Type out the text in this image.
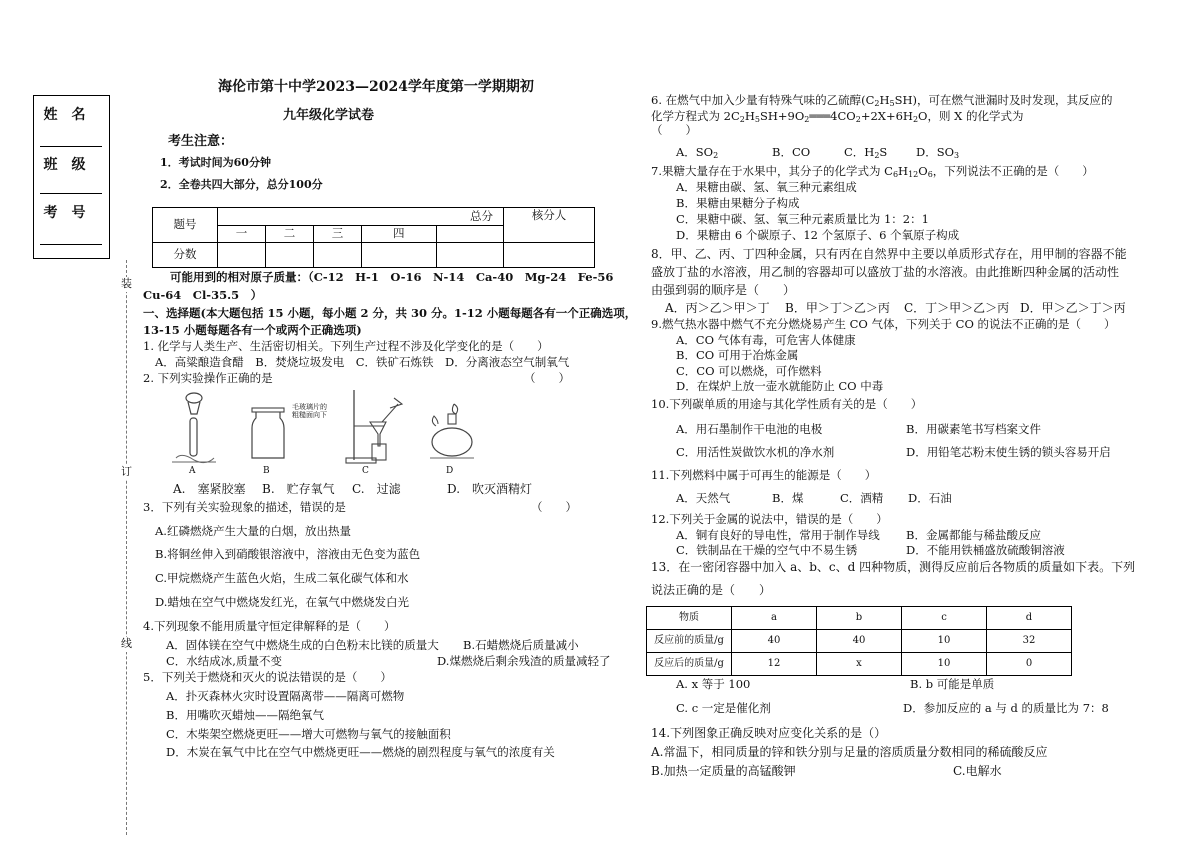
姓名
班级
考号
装
订
线
海伦市第十中学2023—2024学年度第一学期期初
九年级化学试卷
考生注意：
1．考试时间为60分钟
2．全卷共四大部分，总分100分
题号	总分					核分人
	一	二	三	四		
分数						
可能用到的相对原子质量：（C-12　H-1　O-16　N-14　Ca-40　Mg-24　Fe-56
Cu-64　Cl-35.5　）
一、选择题(本大题包括 15 小题，每小题 2 分，共 30 分。1-12 小题每题各有一个正确选项，
13-15 小题每题各有一个或两个正确选项)
1. 化学与人类生产、生活密切相关。下列生产过程不涉及化学变化的是（　　）
A．高粱酿造食醋　B．焚烧垃圾发电　C．铁矿石炼铁　D．分离液态空气制氧气
2. 下列实验操作正确的是	（　　）
A
毛玻璃片的
粗糙面向下
B	C	D
A.　塞紧胶塞 B.　贮存氧气 C.　过滤	D.　吹灭酒精灯
3．下列有关实验现象的描述，错误的是	（　　）
A.红磷燃烧产生大量的白烟，放出热量
B.将铜丝伸入到硝酸银溶液中，溶液由无色变为蓝色
C.甲烷燃烧产生蓝色火焰，生成二氧化碳气体和水
D.蜡烛在空气中燃烧发红光，在氧气中燃烧发白光
4.下列现象不能用质量守恒定律解释的是（　　）
A．固体镁在空气中燃烧生成的白色粉末比镁的质量大 B.石蜡燃烧后质量减小
C．水结成冰,质量不变	D.煤燃烧后剩余残渣的质量减轻了
5．下列关于燃烧和灭火的说法错误的是（　　）
A．扑灭森林火灾时设置隔离带——隔离可燃物
B．用嘴吹灭蜡烛——隔绝氧气
C．木柴架空燃烧更旺——增大可燃物与氧气的接触面积
D．木炭在氧气中比在空气中燃烧更旺——燃烧的剧烈程度与氧气的浓度有关
6. 在燃气中加入少量有特殊气味的乙硫醇$(C_2H_5SH)$，可在燃气泄漏时及时发现，其反应的
化学方程式为 $2C_2H_5SH+9O_2═══4CO_2+2X+6H_2O$，则 X 的化学式为
（　　）
A．$SO_2$	B．CO	C．$H_2S$ D．$SO_3$
7.果糖大量存在于水果中，其分子的化学式为 $C_6H_{12}O_6$，下列说法不正确的是（　　）
A．果糖由碳、氢、氧三种元素组成
B．果糖由果糖分子构成
C．果糖中碳、氢、氧三种元素质量比为 1：2：1
D．果糖由 6 个碳原子、12 个氢原子、6 个氧原子构成
8．甲、乙、丙、丁四种金属，只有丙在自然界中主要以单质形式存在，用甲制的容器不能
盛放丁盐的水溶液，用乙制的容器却可以盛放丁盐的水溶液。由此推断四种金属的活动性
由强到弱的顺序是（　　）
A．丙＞乙＞甲＞丁 B．甲＞丁＞乙＞丙 C．丁＞甲＞乙＞丙 D．甲＞乙＞丁＞丙
9.燃气热水器中燃气不充分燃烧易产生 CO 气体，下列关于 CO 的说法不正确的是（　　）
A．CO 气体有毒，可危害人体健康
B．CO 可用于冶炼金属
C．CO 可以燃烧，可作燃料
D．在煤炉上放一壶水就能防止 CO 中毒
10.下列碳单质的用途与其化学性质有关的是（　　）
A．用石墨制作干电池的电极	B．用碳素笔书写档案文件
C．用活性炭做饮水机的净水剂	D．用铅笔芯粉末使生锈的锁头容易开启
11.下列燃料中属于可再生的能源是（　　）
A．天然气	B．煤	C．酒精 D．石油
12.下列关于金属的说法中，错误的是（　　）
A．铜有良好的导电性，常用于制作导线 B．金属都能与稀盐酸反应
C．铁制品在干燥的空气中不易生锈	D．不能用铁桶盛放硫酸铜溶液
13．在一密闭容器中加入 a、b、c、d 四种物质，测得反应前后各物质的质量如下表。下列
说法正确的是（　　）
物质	a	b	c	d
反应前的质量/g	40	40	10	32
反应后的质量/g	12	x	10	0
A. x 等于 100	B. b 可能是单质
C. c 一定是催化剂	D．参加反应的 a 与 d 的质量比为 7：8
14.下列图象正确反映对应变化关系的是（）
A.常温下，相同质量的锌和铁分别与足量的溶质质量分数相同的稀硫酸反应
B.加热一定质量的高锰酸钾	C.电解水
